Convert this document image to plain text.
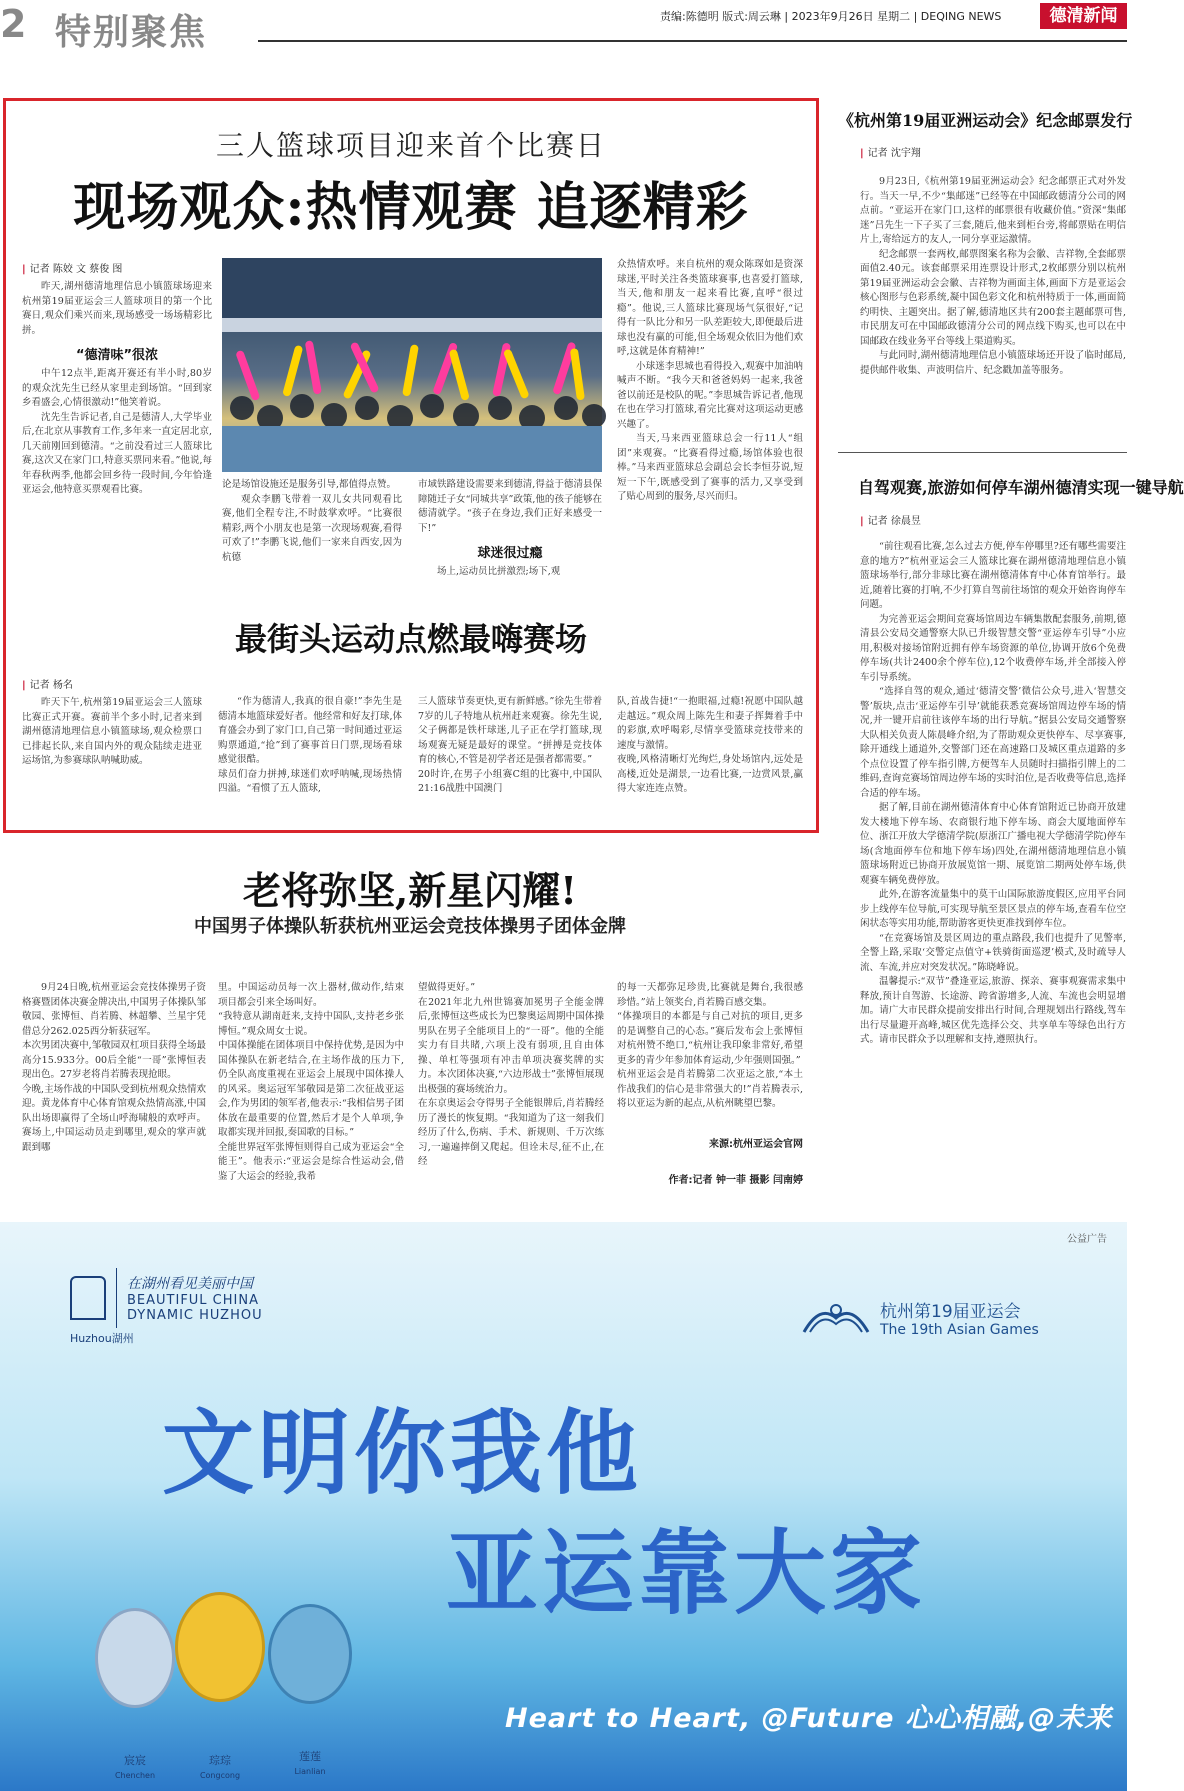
2 特别聚焦	责编:陈德明 版式:周云琳 | 2023年9月26日 星期二 | DEQING NEWS	德清新闻
三人篮球项目迎来首个比赛日
现场观众:热情观赛 追逐精彩
| 记者 陈姣 文 蔡俊 图

昨天,湖州德清地理信息小镇篮球场迎来杭州第19届亚运会三人篮球项目的第一个比赛日,观众们乘兴而来,现场感受一场场精彩比拼。

“德清味”很浓

中午12点半,距离开赛还有半小时,80岁的观众沈先生已经从家里走到场馆。“回到家乡看盛会,心情很激动!”他笑着说。

沈先生告诉记者,自己是德清人,大学毕业后,在北京从事教育工作,多年来一直定居北京,几天前刚回到德清。“之前没看过三人篮球比赛,这次又在家门口,特意买票同来看。”他说,每年春秋两季,他都会回乡待一段时间,今年恰逢亚运会,他特意买票观看比赛。	论是场馆设施还是服务引导,都值得点赞。

观众李鹏飞带着一双儿女共同观看比赛,他们全程专注,不时鼓掌欢呼。“比赛很精彩,两个小朋友也是第一次现场观赛,看得可欢了!”李鹏飞说,他们一家来自西安,因为杭德

市域铁路建设需要来到德清,得益于德清县保障随迁子女“同城共享”政策,他的孩子能够在德清就学。“孩子在身边,我们正好来感受一下!”

球迷很过瘾

场上,运动员比拼激烈;场下,观

众热情欢呼。来自杭州的观众陈琛如是资深球迷,平时关注各类篮球赛事,也喜爱打篮球,当天,他和朋友一起来看比赛,直呼“很过瘾”。他说,三人篮球比赛现场气氛很好,“记得有一队比分和另一队差距较大,即便最后进球也没有赢的可能,但全场观众依旧为他们欢呼,这就是体育精神!”

小球迷李思城也看得投入,观赛中加油呐喊声不断。“我今天和爸爸妈妈一起来,我爸爸以前还是校队的呢。”李思城告诉记者,他现在也在学习打篮球,看完比赛对这项运动更感兴趣了。

当天,马来西亚篮球总会一行11人“组团”来观赛。“比赛看得过瘾,场馆体验也很棒。”马来西亚篮球总会副总会长李恒芬说,短短一下午,既感受到了赛事的活力,又享受到了贴心周到的服务,尽兴而归。

最街头运动点燃最嗨赛场
| 记者 杨名

昨天下午,杭州第19届亚运会三人篮球比赛正式开赛。赛前半个多小时,记者来到湖州德清地理信息小镇篮球场,观众检票口已排起长队,来自国内外的观众陆续走进亚运场馆,为参赛球队呐喊助威。

“作为德清人,我真的很自豪!”李先生是德清本地篮球爱好者。他经常和好友打球,体育盛会办到了家门口,自己第一时间通过亚运购票通道,“抢”到了赛事首日门票,现场看球感觉很酷。
球员们奋力拼搏,球迷们欢呼呐喊,现场热情四溢。“看惯了五人篮球,

三人篮球节奏更快,更有新鲜感。”徐先生带着7岁的儿子特地从杭州赶来观赛。徐先生说,父子俩都是铁杆球迷,儿子正在学打篮球,现场观赛无疑是最好的课堂。“拼搏是竞技体育的核心,不管是初学者还是强者都需要。”
20时许,在男子小组赛C组的比赛中,中国队21:16战胜中国澳门

队,首战告捷!“一抱眼福,过瘾!祝愿中国队越走越远。”观众周上陈先生和妻子挥舞着手中的彩旗,欢呼喝彩,尽情享受篮球竞技带来的速度与激情。
夜晚,风格清晰灯光绚烂,身处场馆内,远处是高楼,近处是湖景,一边看比赛,一边赏风景,赢得大家连连点赞。

老将弥坚,新星闪耀!
中国男子体操队斩获杭州亚运会竞技体操男子团体金牌

9月24日晚,杭州亚运会竞技体操男子资格赛暨团体决赛金牌决出,中国男子体操队邹敬园、张博恒、肖若腾、林超攀、兰星宇凭借总分262.025西分斩获冠军。
本次男团决赛中,邹敬园双杠项目获得全场最高分15.933分。00后全能“一哥”张博恒表现出色。27岁老将肖若腾表现抢眼。
今晚,主场作战的中国队受到杭州观众热情欢迎。黄龙体育中心体育馆观众热情高涨,中国队出场即赢得了全场山呼海啸般的欢呼声。赛场上,中国运动员走到哪里,观众的掌声就跟到哪

里。中国运动员每一次上器材,做动作,结束项目都会引来全场叫好。
“我特意从湖南赶来,支持中国队,支持老乡张博恒。”观众周女士说。
中国体操能在团体项目中保持优势,是因为中国体操队在新老结合,在主场作战的压力下,仍全队高度重视在亚运会上展现中国体操人的风采。奥运冠军邹敬园是第二次征战亚运会,作为男团的领军者,他表示:“我相信男子团体放在最重要的位置,然后才是个人单项,争取都实现并回报,奏国歌的目标。”
全能世界冠军张博恒则得自己成为亚运会“全能王”。他表示:“亚运会是综合性运动会,借鉴了大运会的经验,我希

望做得更好。”
在2021年北九州世锦赛加冕男子全能金牌后,张博恒这些成长为巴黎奥运周期中国体操男队在男子全能项目上的“一哥”。他的全能实力有目共睹,六项上没有弱项,且自由体操、单杠等强项有冲击单项决赛奖牌的实力。本次团体决赛,“六边形战士”张博恒展现出极强的赛场统治力。
在东京奥运会夺得男子全能银牌后,肖若腾经历了漫长的恢复期。“我知道为了这一刻我们经历了什么,伤病、手术、新规则、千万次练习,一遍遍摔倒又爬起。但诠未尽,征不止,在经

的每一天都弥足珍贵,比赛就是舞台,我很感珍惜。”站上领奖台,肖若腾百感交集。
“体操项目的本都是与自己对抗的项目,更多的是调整自己的心态。”赛后发布会上张博恒对杭州赞不绝口,“杭州让我印象非常好,希望更多的青少年参加体育运动,少年强则国强。”
杭州亚运会是肖若腾第二次亚运之旅,“本土作战我们的信心是非常强大的!”肖若腾表示,将以亚运为新的起点,从杭州眺望巴黎。

来源:杭州亚运会官网

作者:记者 钟一菲 摄影 闫南婷

《杭州第19届亚洲运动会》纪念邮票发行
| 记者 沈宇翔

9月23日,《杭州第19届亚洲运动会》纪念邮票正式对外发行。当天一早,不少“集邮迷”已经等在中国邮政德清分公司的网点前。“亚运开在家门口,这样的邮票很有收藏价值。”资深“集邮迷”吕先生一下子买了三套,随后,他来到柜台旁,将邮票贴在明信片上,寄给远方的友人,一同分享亚运激情。

纪念邮票一套两枚,邮票图案名称为会徽、吉祥物,全套邮票面值2.40元。该套邮票采用连票设计形式,2枚邮票分别以杭州第19届亚洲运动会会徽、吉祥物为画面主体,画面下方是亚运会核心图形与色彩系统,凝中国色彩文化和杭州特质于一体,画面简约明快、主题突出。据了解,德清地区共有200套主题邮票可售,市民朋友可在中国邮政德清分公司的网点线下购买,也可以在中国邮政在线业务平台等线上渠道购买。

与此同时,湖州德清地理信息小镇篮球场还开设了临时邮局,提供邮件收集、声波明信片、纪念戳加盖等服务。

自驾观赛,旅游如何停车湖州德清实现一键导航
| 记者 徐晨昱

“前往观看比赛,怎么过去方便,停车停哪里?还有哪些需要注意的地方?”杭州亚运会三人篮球比赛在湖州德清地理信息小镇篮球场举行,部分非球比赛在湖州德清体育中心体育馆举行。最近,随着比赛的打响,不少打算自驾前往场馆的观众开始咨询停车问题。

为完善亚运会期间竞赛场馆周边车辆集散配套服务,前期,德清县公安局交通警察大队已升级智慧交警“亚运停车引导”小应用,积极对接场馆附近拥有停车场资源的单位,协调开放6个免费停车场(共计2400余个停车位),12个收费停车场,并全部接入停车引导系统。

“选择自驾的观众,通过‘德清交警’微信公众号,进入‘智慧交警’版块,点击‘亚运停车引导’就能获悉竞赛场馆周边停车场的情况,并一键开启前往该停车场的出行导航。”据县公安局交通警察大队相关负责人陈晨峰介绍,为了帮助观众更快停车、尽享赛事,除开通线上通道外,交警部门还在高速路口及城区重点道路的多个点位设置了停车指引牌,方便驾车人员随时扫描指引牌上的二维码,查询竞赛场馆周边停车场的实时泊位,是否收费等信息,选择合适的停车场。

据了解,目前在湖州德清体育中心体育馆附近已协商开放建发大楼地下停车场、农商银行地下停车场、商会大厦地面停车位、浙江开放大学德清学院(原浙江广播电视大学德清学院)停车场(含地面停车位和地下停车场)四处,在湖州德清地理信息小镇篮球场附近已协商开放展览馆一期、展览馆二期两处停车场,供观赛车辆免费停放。

此外,在游客流量集中的莫干山国际旅游度假区,应用平台同步上线停车位导航,可实现导航至景区景点的停车场,查看车位空闲状态等实用功能,帮助游客更快更准找到停车位。

“在竞赛场馆及景区周边的重点路段,我们也提升了见警率,全警上路,采取‘交警定点值守+铁骑街面巡逻’模式,及时疏导人流、车流,并应对突发状况。”陈晓峰说。

温馨提示:“双节”叠逢亚运,旅游、探亲、赛事观赛需求集中释放,预计自驾游、长途游、跨省游增多,人流、车流也会明显增加。请广大市民群众提前安排出行时间,合理规划出行路线,驾车出行尽量避开高峰,城区优先选择公交、共享单车等绿色出行方式。请市民群众予以理解和支持,遵照执行。

公益广告
在湖州看见美丽中国
BEAUTIFUL CHINA
DYNAMIC HUZHOU
Huzhou湖州
杭州第19届亚运会
The 19th Asian Games
文明你我他
亚运靠大家
宸宸
Chenchen
琮琮
Congcong
莲莲
Lianlian
Heart to Heart, @Future 心心相融,@未来
